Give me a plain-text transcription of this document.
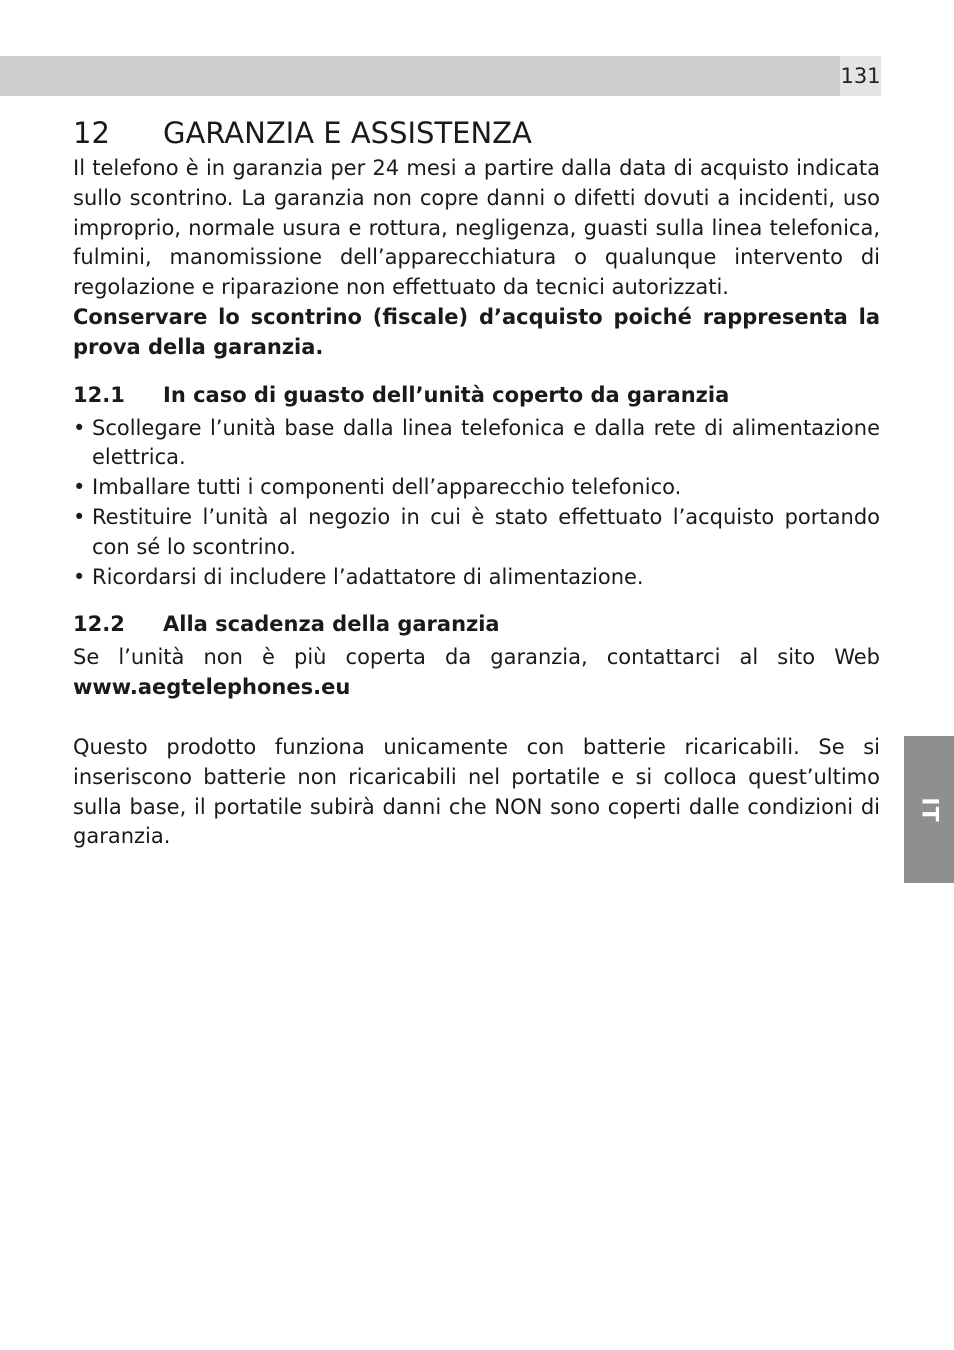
131
IT
12	GARANZIA E ASSISTENZA

Il telefono è in garanzia per 24 mesi a partire dalla data di acquisto indicata sullo scontrino. La garanzia non copre danni o difetti dovuti a incidenti, uso improprio, normale usura e rottura, negligenza, guasti sulla linea telefonica, fulmini, manomissione dell’apparecchiatura o qualunque intervento di regolazione e riparazione non effettuato da tecnici autorizzati.

Conservare lo scontrino (fiscale) d’acquisto poiché rappresenta la prova della garanzia.

12.1	In caso di guasto dell’unità coperto da garanzia
• Scollegare l’unità base dalla linea telefonica e dalla rete di alimentazione elettrica.
• Imballare tutti i componenti dell’apparecchio telefonico.
• Restituire l’unità al negozio in cui è stato effettuato l’acquisto portando con sé lo scontrino.
• Ricordarsi di includere l’adattatore di alimentazione.
12.2	Alla scadenza della garanzia

Se l’unità non è più coperta da garanzia, contattarci al sito Web

www.aegtelephones.eu

Questo prodotto funziona unicamente con batterie ricaricabili. Se si inseriscono batterie non ricaricabili nel portatile e si colloca quest’ultimo sulla base, il portatile subirà danni che NON sono coperti dalle condizioni di garanzia.
